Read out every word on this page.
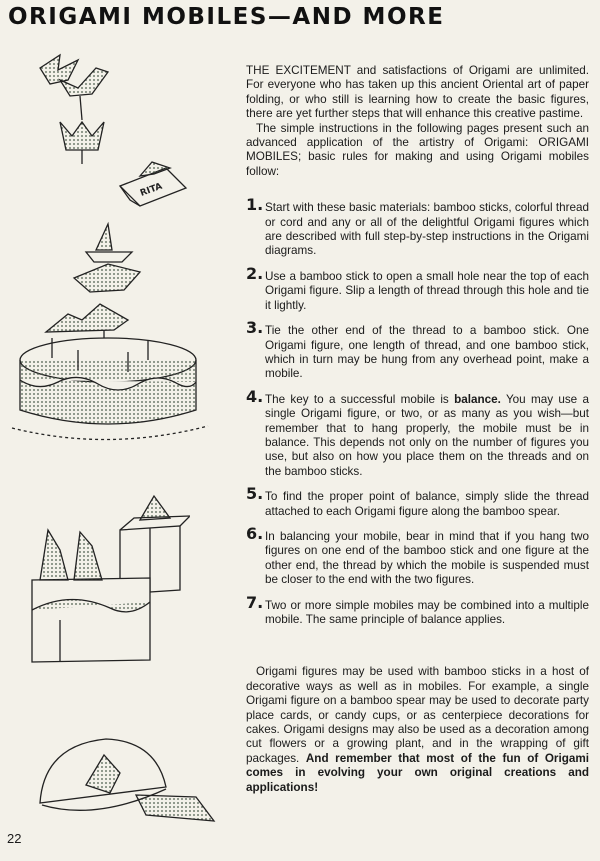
ORIGAMI MOBILES—AND MORE
RITA

THE EXCITEMENT and satisfactions of Origami are unlimited. For everyone who has taken up this ancient Oriental art of paper folding, or who still is learning how to create the basic figures, there are yet further steps that will enhance this creative pastime.

The simple instructions in the following pages present such an advanced application of the artistry of Origami: ORIGAMI MOBILES; basic rules for making and using Origami mobiles follow:

1. Start with these basic materials: bamboo sticks, colorful thread or cord and any or all of the delightful Origami figures which are described with full step-by-step instructions in the Origami diagrams.
2. Use a bamboo stick to open a small hole near the top of each Origami figure. Slip a length of thread through this hole and tie it lightly.
3. Tie the other end of the thread to a bamboo stick. One Origami figure, one length of thread, and one bamboo stick, which in turn may be hung from any overhead point, make a mobile.
4. The key to a successful mobile is balance. You may use a single Origami figure, or two, or as many as you wish—but remember that to hang properly, the mobile must be in balance. This depends not only on the number of figures you use, but also on how you place them on the threads and on the bamboo sticks.
5. To find the proper point of balance, simply slide the thread attached to each Origami figure along the bamboo spear.
6. In balancing your mobile, bear in mind that if you hang two figures on one end of the bamboo stick and one figure at the other end, the thread by which the mobile is suspended must be closer to the end with the two figures.
7. Two or more simple mobiles may be combined into a multiple mobile. The same principle of balance applies.

Origami figures may be used with bamboo sticks in a host of decorative ways as well as in mobiles. For example, a single Origami figure on a bamboo spear may be used to decorate party place cards, or candy cups, or as centerpiece decorations for cakes. Origami designs may also be used as a decoration among cut flowers or a growing plant, and in the wrapping of gift packages. And remember that most of the fun of Origami comes in evolving your own original creations and applications!

22
